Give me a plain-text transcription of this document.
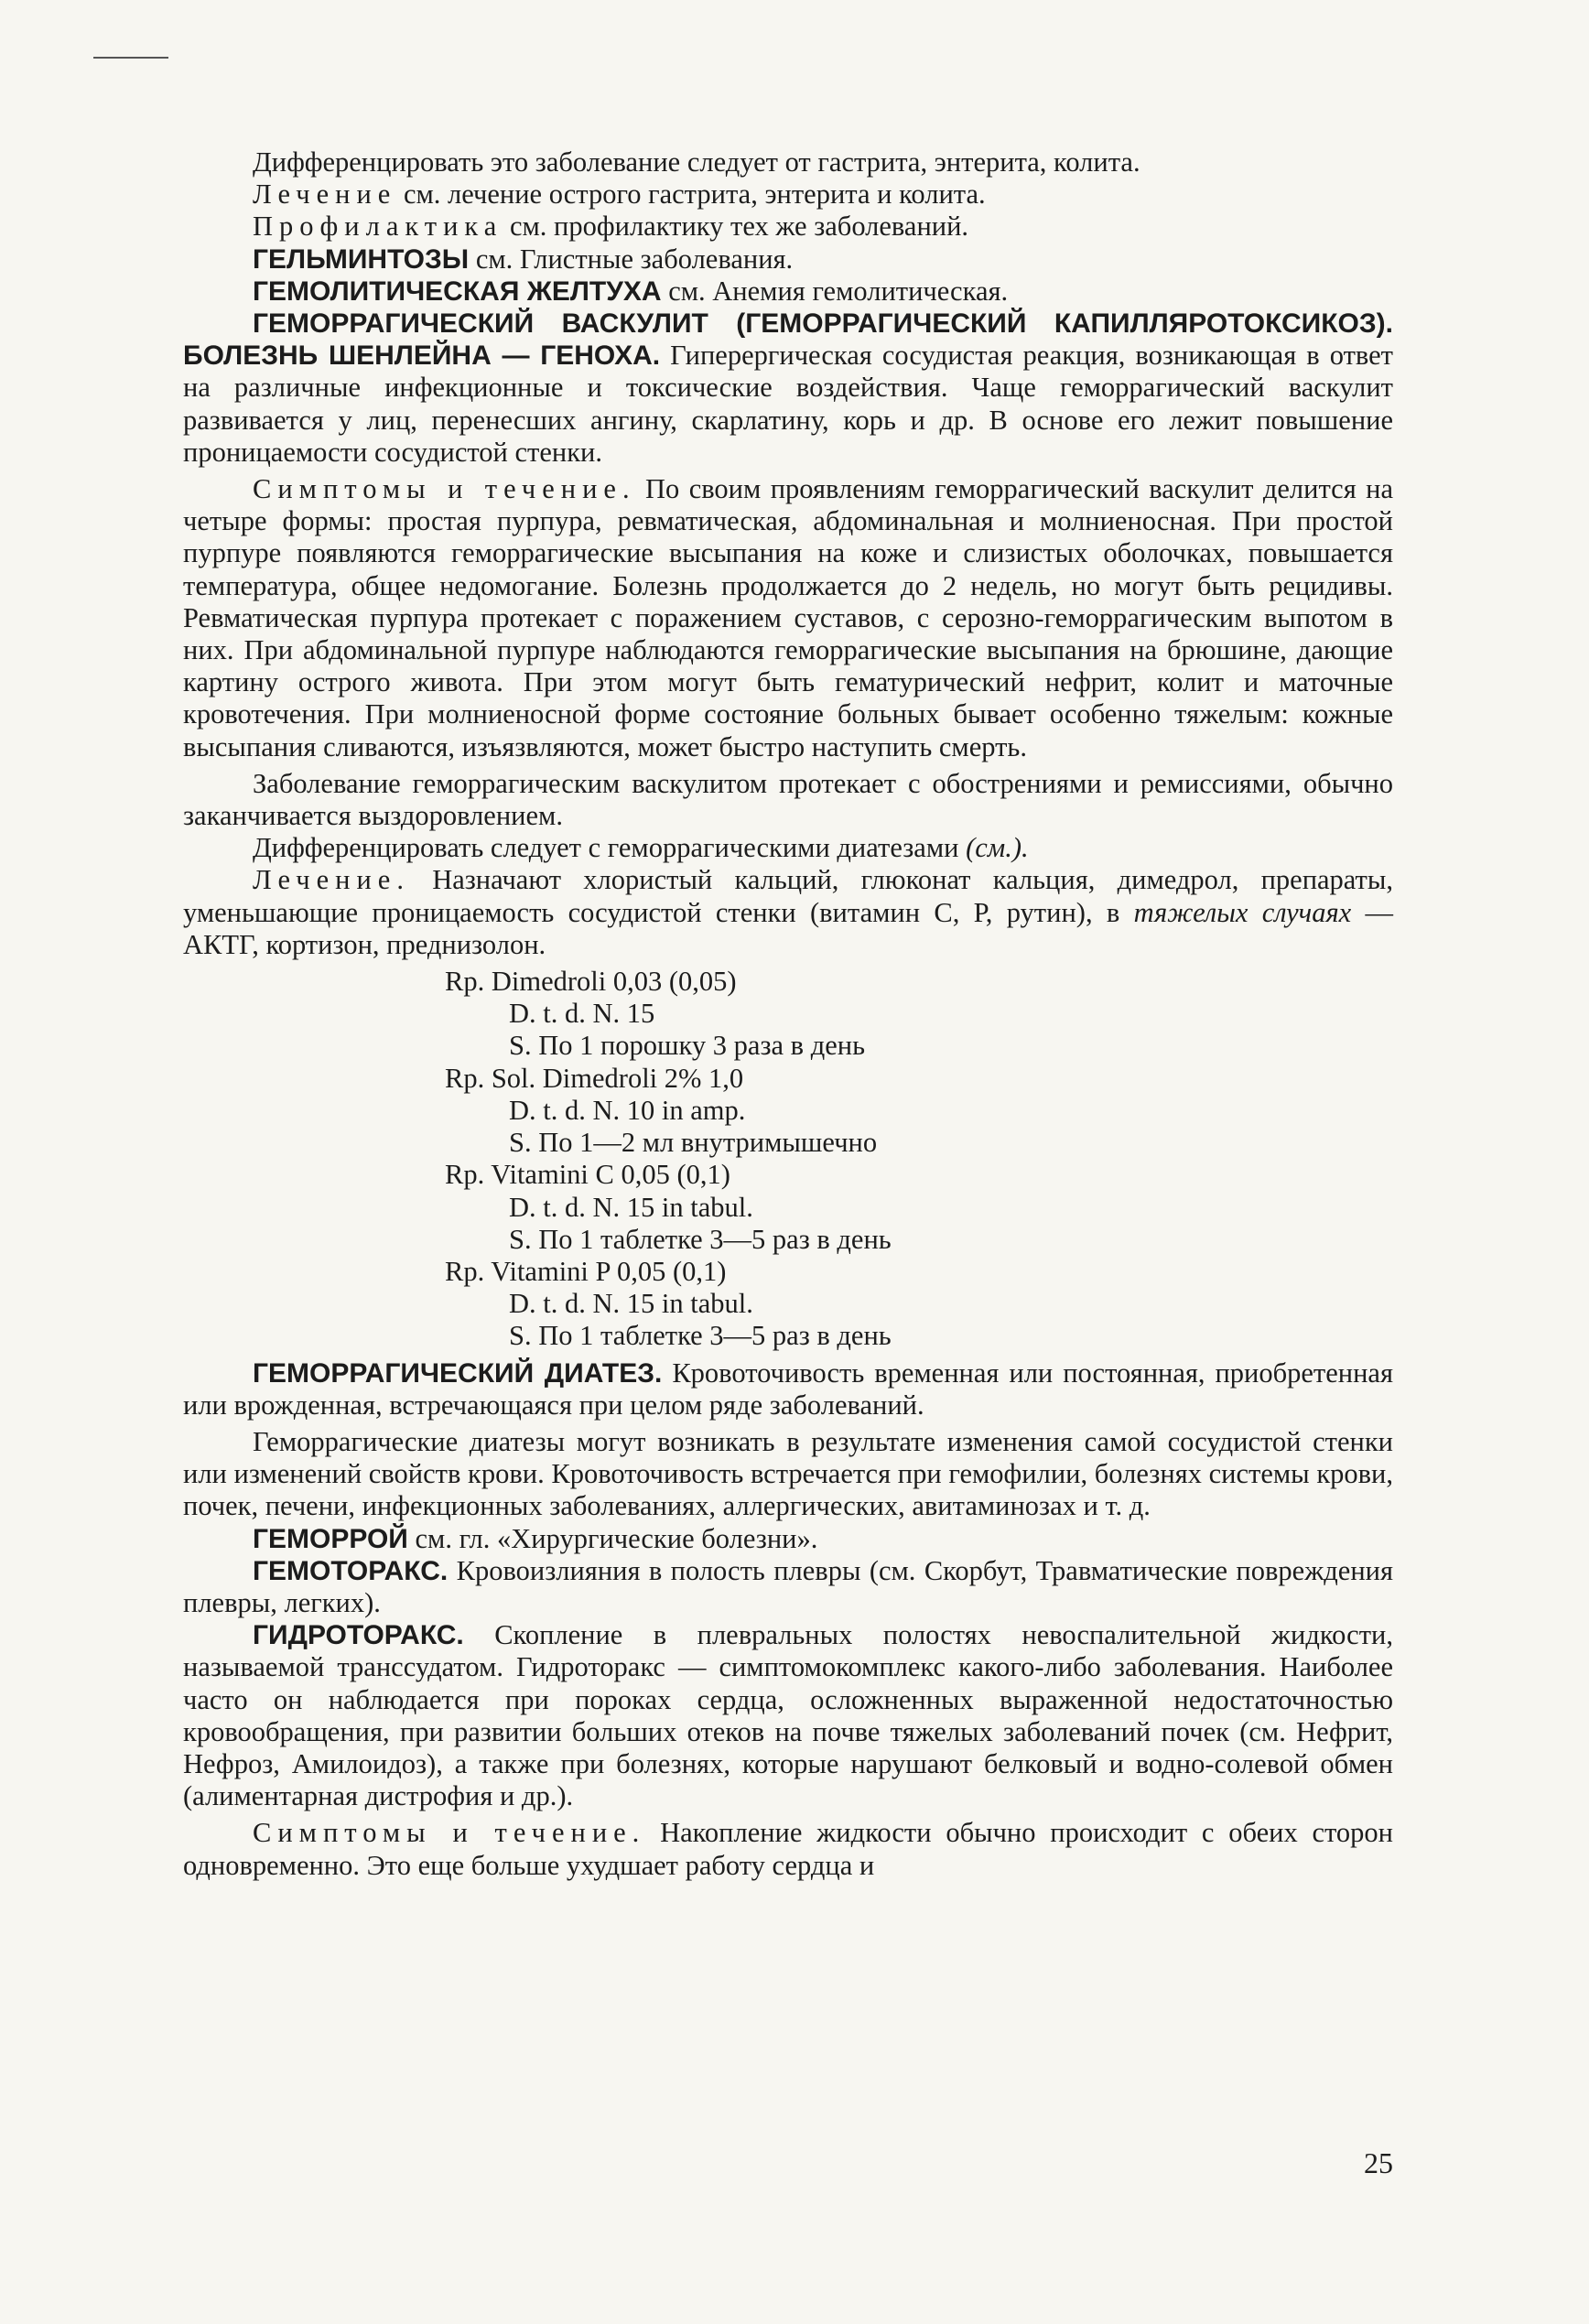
Дифференцировать это заболевание следует от гастрита, энтерита, колита.

Лечение см. лечение острого гастрита, энтерита и колита.

Профилактика см. профилактику тех же заболеваний.

ГЕЛЬМИНТОЗЫ см. Глистные заболевания.

ГЕМОЛИТИЧЕСКАЯ ЖЕЛТУХА см. Анемия гемолитическая.

ГЕМОРРАГИЧЕСКИЙ ВАСКУЛИТ (ГЕМОРРАГИЧЕСКИЙ КАПИЛЛЯРОТОКСИКОЗ). БОЛЕЗНЬ ШЕНЛЕЙНА — ГЕНОХА. Гиперергическая сосудистая реакция, возникающая в ответ на различные инфекционные и токсические воздействия. Чаще геморрагический васкулит развивается у лиц, перенесших ангину, скарлатину, корь и др. В основе его лежит повышение проницаемости сосудистой стенки.

Симптомы и течение. По своим проявлениям геморрагический васкулит делится на четыре формы: простая пурпура, ревматическая, абдоминальная и молниеносная. При простой пурпуре появляются геморрагические высыпания на коже и слизистых оболочках, повышается температура, общее недомогание. Болезнь продолжается до 2 недель, но могут быть рецидивы. Ревматическая пурпура протекает с поражением суставов, с серозно-геморрагическим выпотом в них. При абдоминальной пурпуре наблюдаются геморрагические высыпания на брюшине, дающие картину острого живота. При этом могут быть гематурический нефрит, колит и маточные кровотечения. При молниеносной форме состояние больных бывает особенно тяжелым: кожные высыпания сливаются, изъязвляются, может быстро наступить смерть.

Заболевание геморрагическим васкулитом протекает с обострениями и ремиссиями, обычно заканчивается выздоровлением.

Дифференцировать следует с геморрагическими диатезами (см.).

Лечение. Назначают хлористый кальций, глюконат кальция, димедрол, препараты, уменьшающие проницаемость сосудистой стенки (витамин С, Р, рутин), в тяжелых случаях — АКТГ, кортизон, преднизолон.

Rp. Dimedroli 0,03 (0,05)

D. t. d. N. 15

S. По 1 порошку 3 раза в день

Rp. Sol. Dimedroli 2% 1,0

D. t. d. N. 10 in amp.

S. По 1—2 мл внутримышечно

Rp. Vitamini C 0,05 (0,1)

D. t. d. N. 15 in tabul.

S. По 1 таблетке 3—5 раз в день

Rp. Vitamini P 0,05 (0,1)

D. t. d. N. 15 in tabul.

S. По 1 таблетке 3—5 раз в день

ГЕМОРРАГИЧЕСКИЙ ДИАТЕЗ. Кровоточивость временная или постоянная, приобретенная или врожденная, встречающаяся при целом ряде заболеваний.

Геморрагические диатезы могут возникать в результате изменения самой сосудистой стенки или изменений свойств крови. Кровоточивость встречается при гемофилии, болезнях системы крови, почек, печени, инфекционных заболеваниях, аллергических, авитаминозах и т. д.

ГЕМОРРОЙ см. гл. «Хирургические болезни».

ГЕМОТОРАКС. Кровоизлияния в полость плевры (см. Скорбут, Травматические повреждения плевры, легких).

ГИДРОТОРАКС. Скопление в плевральных полостях невоспалительной жидкости, называемой транссудатом. Гидроторакс — симптомокомплекс какого-либо заболевания. Наиболее часто он наблюдается при пороках сердца, осложненных выраженной недостаточностью кровообращения, при развитии больших отеков на почве тяжелых заболеваний почек (см. Нефрит, Нефроз, Амилоидоз), а также при болезнях, которые нарушают белковый и водно-солевой обмен (алиментарная дистрофия и др.).

Симптомы и течение. Накопление жидкости обычно происходит с обеих сторон одновременно. Это еще больше ухудшает работу сердца и

25
